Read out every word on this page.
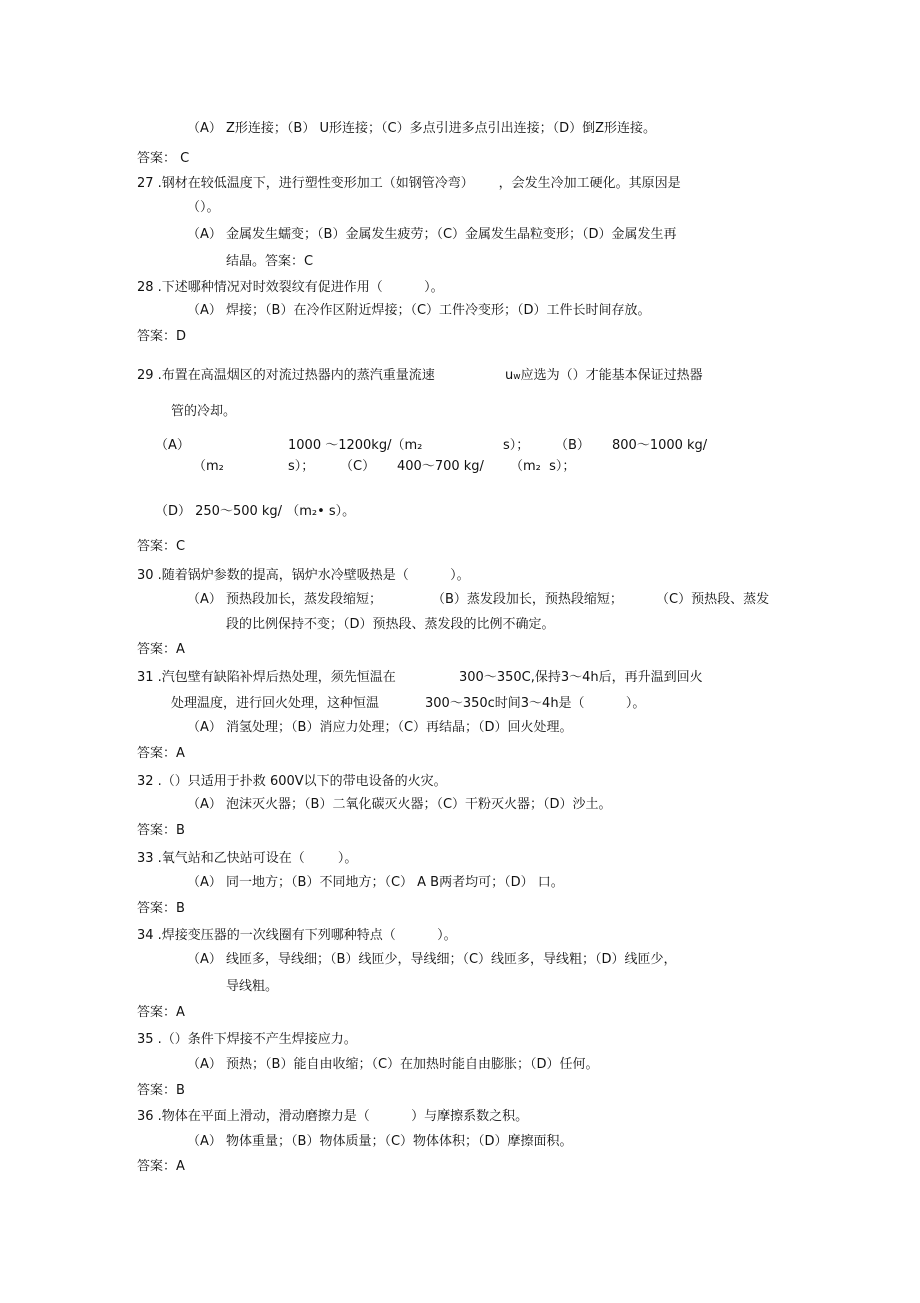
（A） Z形连接；（B） U形连接；（C）多点引进多点引出连接；（D）倒Z形连接。
答案： C
27 .钢材在较低温度下，进行塑性变形加工（如钢管冷弯）      ，会发生冷加工硬化。其原因是
（）。
（A） 金属发生蠕变；（B）金属发生疲劳；（C）金属发生晶粒变形；（D）金属发生再
结晶。答案：C
28 .下述哪种情况对时效裂纹有促进作用（          ）。
（A） 焊接；（B）在冷作区附近焊接；（C）工件冷变形；（D）工件长时间存放。
答案：D
29 .布置在高温烟区的对流过热器内的蒸汽重量流速	uw应选为（）才能基本保证过热器
管的冷却。
（A）	1000 ～1200kg/（m₂	s）； （B） 800～1000 kg/
（m₂	s）； （C） 400～700 kg/ （m₂  s）；
（D） 250～500 kg/ （m₂• s）。
答案：C
30 .随着锅炉参数的提高，锅炉水冷壁吸热是（          ）。
（A） 预热段加长，蒸发段缩短；	（B）蒸发段加长，预热段缩短；	（C）预热段、蒸发
段的比例保持不变；（D）预热段、蒸发段的比例不确定。
答案：A
31 .汽包壁有缺陷补焊后热处理，须先恒温在	300～350C,保持3～4h后，再升温到回火
处理温度，进行回火处理，这种恒温	300～350c时间3～4h是（          ）。
（A） 消氢处理；（B）消应力处理；（C）再结晶；（D）回火处理。
答案：A
32 .（）只适用于扑救 600V以下的带电设备的火灾。
（A） 泡沫灭火器；（B）二氧化碳灭火器；（C）干粉灭火器；（D）沙土。
答案：B
33 .氧气站和乙快站可设在（        ）。
（A） 同一地方；（B）不同地方；（C） A B两者均可；（D） 口。
答案：B
34 .焊接变压器的一次线圈有下列哪种特点（          ）。
（A） 线匝多，导线细；（B）线匝少，导线细；（C）线匝多，导线粗；（D）线匝少，
导线粗。
答案：A
35 .（）条件下焊接不产生焊接应力。
（A） 预热；（B）能自由收缩；（C）在加热时能自由膨胀；（D）任何。
答案：B
36 .物体在平面上滑动，滑动磨擦力是（          ）与摩擦系数之积。
（A） 物体重量；（B）物体质量；（C）物体体积；（D）摩擦面积。
答案：A
